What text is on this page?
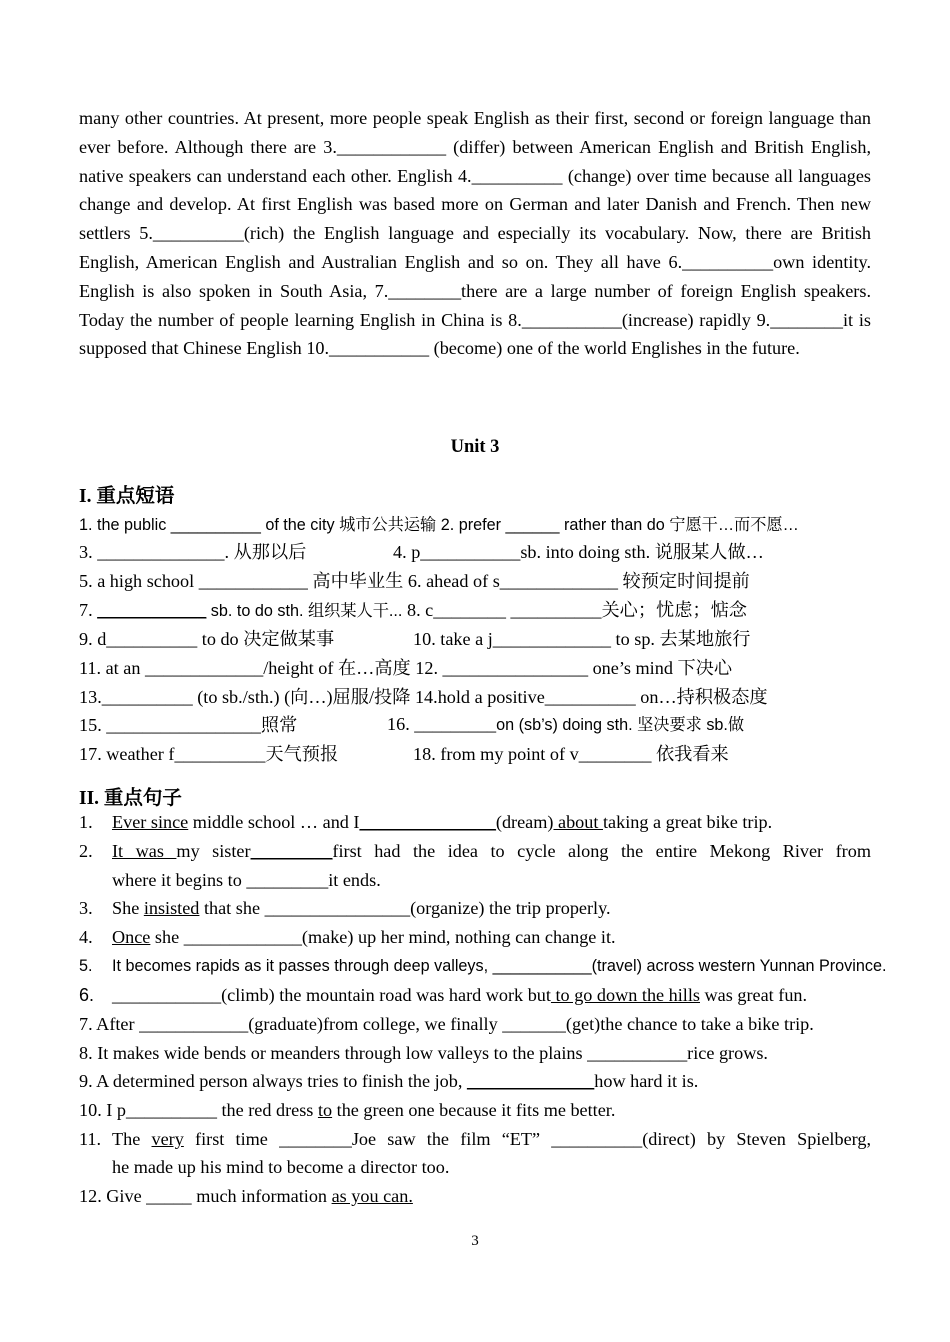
many other countries. At present, more people speak English as their first, second or foreign language than ever before. Although there are 3.____________ (differ) between American English and British English, native speakers can understand each other. English 4.__________ (change) over time because all languages change and develop. At first English was based more on German and later Danish and French. Then new settlers 5.__________(rich) the English language and especially its vocabulary. Now, there are British English, American English and Australian English and so on. They all have 6.__________own identity. English is also spoken in South Asia, 7.________there are a large number of foreign English speakers. Today the number of people learning English in China is 8.___________(increase) rapidly 9.________it is supposed that Chinese English 10.___________ (become) one of the world Englishes in the future.

Unit 3
I. 重点短语
1. the public __________ of the city 城市公共运输 2. prefer ______ rather than do 宁愿干…而不愿…
3. ______________. 从那以后	4. p___________sb. into doing sth. 说服某人做…
5. a high school ____________ 高中毕业生 6. ahead of s_____________ 较预定时间提前
7. ____________ sb. to do sth. 组织某人干... 8. c________ __________关心；忧虑；惦念
9. d__________ to do 决定做某事	10. take a j_____________ to sp. 去某地旅行
11. at an _____________/height of 在…高度 12. ________________ one’s mind 下决心
13.__________ (to sb./sth.) (向…)屈服/投降 14.hold a positive__________ on…持积极态度
15. _________________照常	16. _________on (sb’s) doing sth. 坚决要求 sb.做
17. weather f__________天气预报	18. from my point of v________ 依我看来
II. 重点句子
1. Ever since middle school … and I_______________(dream) about taking a great bike trip.
2. It was my sister_________first had the idea to cycle along the entire Mekong River from
where it begins to _________it ends.
3. She insisted that she ________________(organize) the trip properly.
4. Once she _____________(make) up her mind, nothing can change it.
5. It becomes rapids as it passes through deep valleys, ___________(travel) across western Yunnan Province.
6. ____________(climb) the mountain road was hard work but to go down the hills was great fun.
7. After ____________(graduate)from college, we finally _______(get)the chance to take a bike trip.
8. It makes wide bends or meanders through low valleys to the plains ___________rice grows.
9. A determined person always tries to finish the job, ______________how hard it is.
10. I p__________ the red dress to the green one because it fits me better.
11. The very first time ________Joe saw the film “ET” __________(direct) by Steven Spielberg,
he made up his mind to become a director too.
12. Give _____ much information as you can.
3
